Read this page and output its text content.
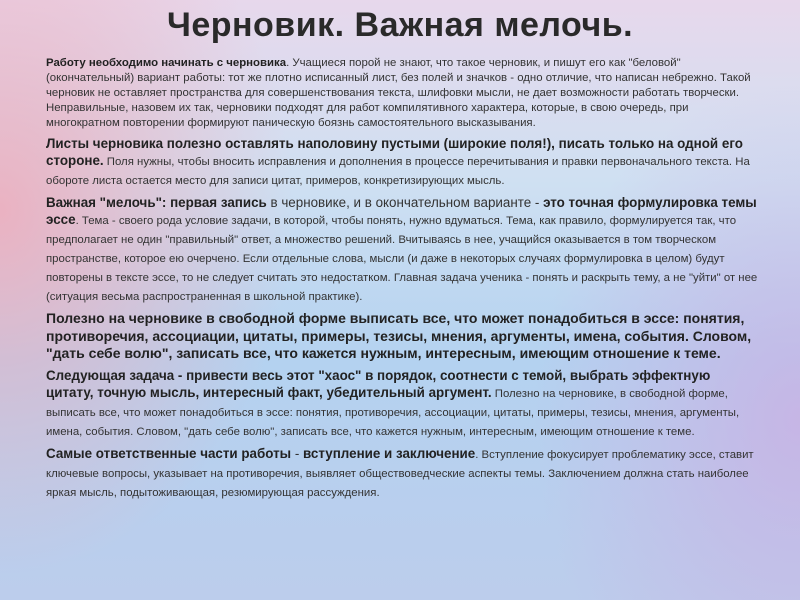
Черновик. Важная мелочь.

Работу необходимо начинать с черновика. Учащиеся порой не знают, что такое черновик, и пишут его как "беловой" (окончательный) вариант работы: тот же плотно исписанный лист, без полей и значков - одно отличие, что написан небрежно. Такой черновик не оставляет пространства для совершенствования текста, шлифовки мысли, не дает возможности работать творчески. Неправильные, назовем их так, черновики подходят для работ компилятивного характера, которые, в свою очередь, при многократном повторении формируют паническую боязнь самостоятельного высказывания.

Листы черновика полезно оставлять наполовину пустыми (широкие поля!), писать только на одной его стороне. Поля нужны, чтобы вносить исправления и дополнения в процессе перечитывания и правки первоначального текста. На обороте листа остается место для записи цитат, примеров, конкретизирующих мысль.

Важная "мелочь": первая запись в черновике, и в окончательном варианте - это точная формулировка темы эссе. Тема - своего рода условие задачи, в которой, чтобы понять, нужно вдуматься. Тема, как правило, формулируется так, что предполагает не один "правильный" ответ, а множество решений. Вчитываясь в нее, учащийся оказывается в том творческом пространстве, которое ею очерчено. Если отдельные слова, мысли (и даже в некоторых случаях формулировка в целом) будут повторены в тексте эссе, то не следует считать это недостатком. Главная задача ученика - понять и раскрыть тему, а не "уйти" от нее (ситуация весьма распространенная в школьной практике).

Полезно на черновике в свободной форме выписать все, что может понадобиться в эссе: понятия, противоречия, ассоциации, цитаты, примеры, тезисы, мнения, аргументы, имена, события. Словом, "дать себе волю", записать все, что кажется нужным, интересным, имеющим отношение к теме.

Следующая задача - привести весь этот "хаос" в порядок, соотнести с темой, выбрать эффектную цитату, точную мысль, интересный факт, убедительный аргумент. Полезно на черновике, в свободной форме, выписать все, что может понадобиться в эссе: понятия, противоречия, ассоциации, цитаты, примеры, тезисы, мнения, аргументы, имена, события. Словом, "дать себе волю", записать все, что кажется нужным, интересным, имеющим отношение к теме.

Самые ответственные части работы - вступление и заключение. Вступление фокусирует проблематику эссе, ставит ключевые вопросы, указывает на противоречия, выявляет обществоведческие аспекты темы. Заключением должна стать наиболее яркая мысль, подытоживающая, резюмирующая рассуждения.
